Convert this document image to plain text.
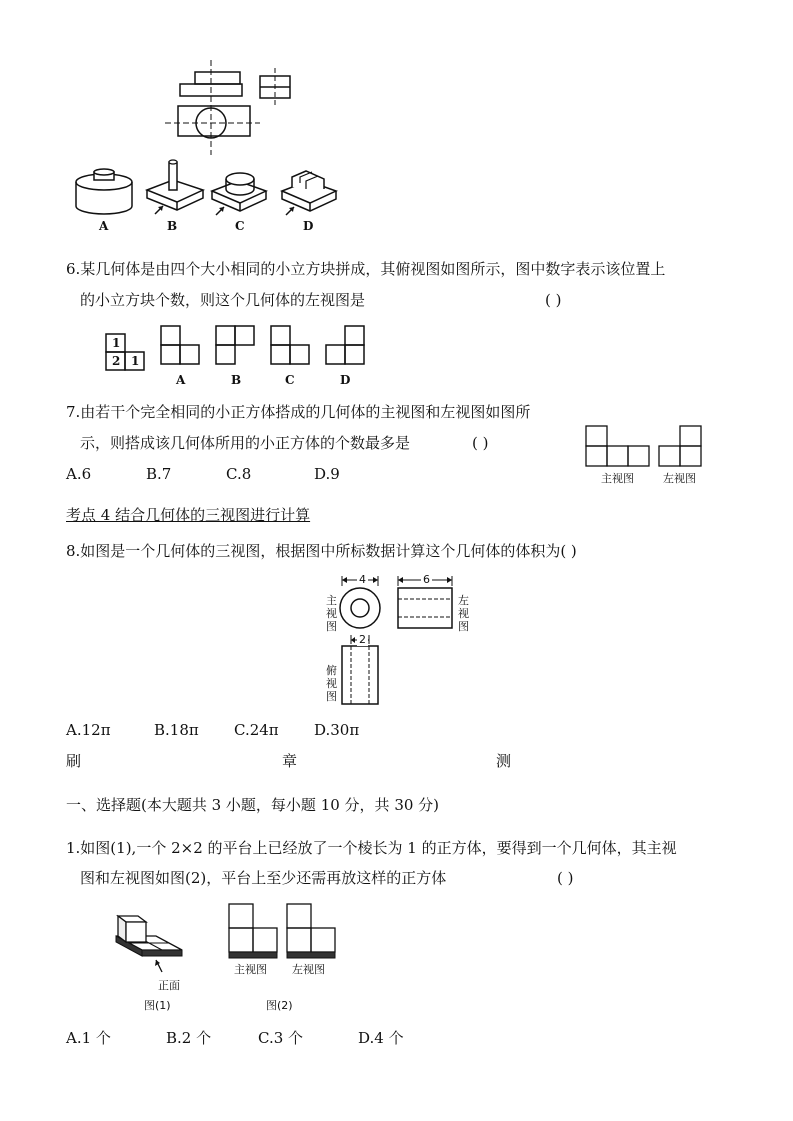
A	B	C	D
6.某几何体是由四个大小相同的小立方块拼成，其俯视图如图所示，图中数字表示该位置上
的小立方块个数，则这个几何体的左视图是	( )
1
2 1
A	B	C	D
7.由若干个完全相同的小正方体搭成的几何体的主视图和左视图如图所
示，则搭成该几何体所用的小正方体的个数最多是	( )
A.6	B.7	C.8	D.9	主视图	左视图
考点 4 结合几何体的三视图进行计算
8.如图是一个几何体的三视图，根据图中所标数据计算这个几何体的体积为( )
4	6
2
主
视
图
左
视
图
俯
视
图
A.12π	B.18π C.24π D.30π
刷	章	测
一、选择题(本大题共 3 小题，每小题 10 分，共 30 分)
1.如图(1),一个 2×2 的平台上已经放了一个棱长为 1 的正方体，要得到一个几何体，其主视
图和左视图如图(2)，平台上至少还需再放这样的正方体	( )
正面
图(1)
主视图 左视图
图(2)
A.1 个	B.2 个	C.3 个	D.4 个
